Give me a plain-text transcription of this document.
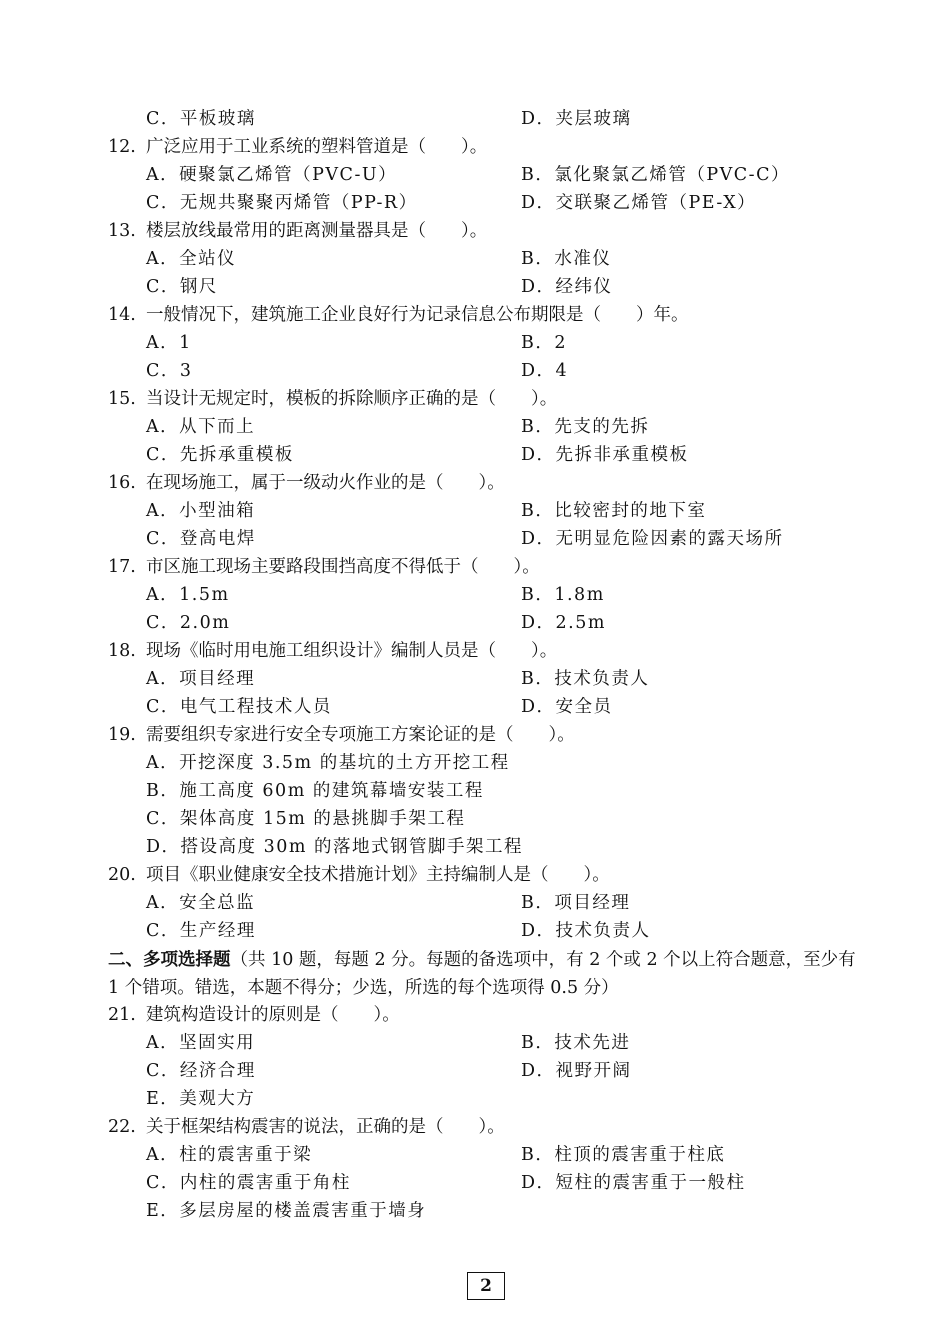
C．平板玻璃	D．夹层玻璃
12. 广泛应用于工业系统的塑料管道是（　　）。
A．硬聚氯乙烯管（PVC-U）	B．氯化聚氯乙烯管（PVC-C）
C．无规共聚聚丙烯管（PP-R）	D．交联聚乙烯管（PE-X）
13. 楼层放线最常用的距离测量器具是（　　）。
A．全站仪	B．水准仪
C．钢尺	D．经纬仪
14. 一般情况下，建筑施工企业良好行为记录信息公布期限是（　　）年。
A．1	B．2
C．3	D．4
15. 当设计无规定时，模板的拆除顺序正确的是（　　）。
A．从下而上	B．先支的先拆
C．先拆承重模板	D．先拆非承重模板
16. 在现场施工，属于一级动火作业的是（　　）。
A．小型油箱	B．比较密封的地下室
C．登高电焊	D．无明显危险因素的露天场所
17. 市区施工现场主要路段围挡高度不得低于（　　）。
A．1.5m	B．1.8m
C．2.0m	D．2.5m
18. 现场《临时用电施工组织设计》编制人员是（　　）。
A．项目经理	B．技术负责人
C．电气工程技术人员	D．安全员
19. 需要组织专家进行安全专项施工方案论证的是（　　）。
A．开挖深度 3.5m 的基坑的土方开挖工程
B．施工高度 60m 的建筑幕墙安装工程
C．架体高度 15m 的悬挑脚手架工程
D．搭设高度 30m 的落地式钢管脚手架工程
20. 项目《职业健康安全技术措施计划》主持编制人是（　　）。
A．安全总监	B．项目经理
C．生产经理	D．技术负责人
二、多项选择题（共 10 题，每题 2 分。每题的备选项中，有 2 个或 2 个以上符合题意，至少有 1 个错项。错选，本题不得分；少选，所选的每个选项得 0.5 分）
21. 建筑构造设计的原则是（　　）。
A．坚固实用	B．技术先进
C．经济合理	D．视野开阔
E．美观大方
22. 关于框架结构震害的说法，正确的是（　　）。
A．柱的震害重于梁	B．柱顶的震害重于柱底
C．内柱的震害重于角柱	D．短柱的震害重于一般柱
E．多层房屋的楼盖震害重于墙身
2
